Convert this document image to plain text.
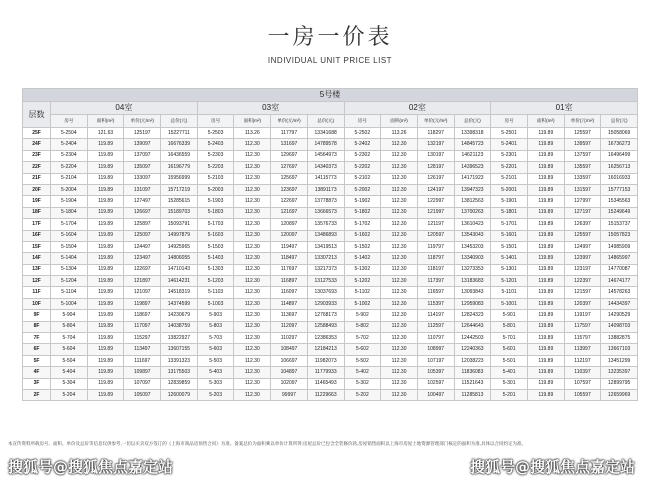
一房一价表
INDIVIDUAL UNIT PRICE LIST
5号楼																
层数	04室				03室				02室				01室			
	房号	面积(m²)	单价(元/m²)	总价(元)	房号	面积(m²)	单价(元/m²)	总价(元)	房号	面积(m²)	单价(元/m²)	总价(元)	房号	面积(m²)	单价(元/m²)	总价(元)
25F	5-2504	121.63	125197	15227711	5-2503	113.26	117797	13341688	5-2502	113.26	118297	13398318	5-2501	119.89	125597	15058069
24F	5-2404	119.89	139097	16676339	5-2403	112.30	131697	14789578	5-2402	112.30	132197	14845723	5-2401	119.89	139597	16736273
23F	5-2304	119.89	137097	16436559	5-2303	112.30	129697	14564973	5-2302	112.30	130197	14621123	5-2301	119.89	137597	16496499
22F	5-2204	119.89	135097	16196779	5-2203	112.30	127697	14340373	5-2202	112.30	128197	14396523	5-2201	119.89	135597	16256713
21F	5-2104	119.89	133097	15956999	5-2103	112.30	125697	14115773	5-2102	112.30	126197	14171923	5-2101	119.89	133597	16016933
20F	5-2004	119.89	131097	15717219	5-2003	112.30	123697	13891173	5-2002	112.30	124197	13947323	5-2001	119.89	131597	15777153
19F	5-1904	119.89	127497	15285615	5-1903	112.30	122697	13778873	5-1902	112.30	122997	13812563	5-1901	119.89	127997	15345563
18F	5-1804	119.89	126697	15189703	5-1803	112.30	121697	13666573	5-1802	112.30	121997	13700263	5-1801	119.89	127197	15249649
17F	5-1704	119.89	125897	15093791	5-1703	112.30	120897	13576733	5-1702	112.30	121197	13610423	5-1701	119.89	126397	15153737
16F	5-1604	119.89	125097	14997879	5-1603	112.30	120097	13486893	5-1602	112.30	120597	13543043	5-1601	119.89	125597	15057823
15F	5-1504	119.89	124497	14925965	5-1503	112.30	119497	13419513	5-1502	112.30	119797	13453203	5-1501	119.89	124997	14985909
14F	5-1404	119.89	123497	14806055	5-1403	112.30	118497	13307213	5-1402	112.30	118797	13340903	5-1401	119.89	123997	14865997
13F	5-1304	119.89	122697	14710143	5-1303	112.30	117697	13217373	5-1302	112.30	118197	13273353	5-1301	119.89	123197	14770087
12F	5-1204	119.89	121897	14614231	5-1203	112.30	116897	13127533	5-1202	112.30	117397	13183683	5-1201	119.89	122397	14674177
11F	5-1104	119.89	121097	14518319	5-1103	112.30	116097	13037693	5-1102	112.30	116597	13093843	5-1101	119.89	121597	14578263
10F	5-1004	119.89	119897	14374599	5-1003	112.30	114897	12903933	5-1002	112.30	115397	12959083	5-1001	119.89	120397	14434397
9F	5-904	119.89	118697	14230679	5-903	112.30	113697	12768173	5-902	112.30	114197	12824323	5-901	119.89	119197	14290529
8F	5-804	119.89	117097	14038759	5-803	112.30	112097	12588493	5-802	112.30	112597	12644643	5-801	119.89	117597	14098703
7F	5-704	119.89	115297	13822927	5-703	112.30	110297	12386353	5-702	112.30	110797	12442503	5-701	119.89	115797	13882875
6F	5-604	119.89	113497	13607155	5-603	112.30	108497	12184213	5-602	112.30	108997	12240363	5-601	119.89	113997	13667103
5F	5-504	119.89	111697	13391323	5-503	112.30	106697	11982073	5-502	112.30	107197	12038223	5-501	119.89	112197	13451299
4F	5-404	119.89	109897	13175503	5-403	112.30	104897	11779933	5-402	112.30	105397	11836083	5-401	119.89	110397	13235397
3F	5-304	119.89	107097	12839859	5-303	112.30	102097	11465493	5-302	112.30	102597	11521643	5-301	119.89	107597	12899795
2F	5-204	119.89	105097	12600079	5-203	112.30	99997	11229663	5-202	112.30	100497	11285813	5-201	119.89	105597	12659969
本宣传资料所载房号、面积、单价及总价等信息仅供参考,一切以买卖双方签订的《上海市商品房预售合同》为准。备案总价为面积乘以单价计算所得;房屋总价已包含全装修价款,房屋销售面积以上海市房屋土地资源管理部门核定的面积为准,具体以合同约定为准。
搜狐号@搜狐焦点嘉定站	搜狐号@搜狐焦点嘉定站
